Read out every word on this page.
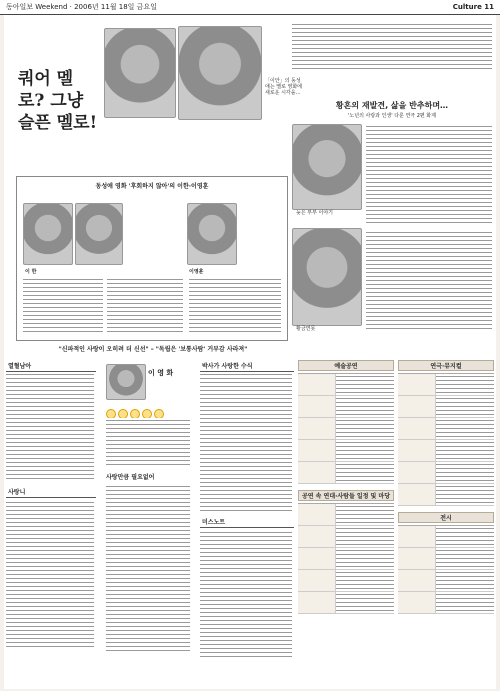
동아일보 Weekend · 2006년 11월 18일 금요일	Culture 11
쿼어 멜로? 그냥 슬픈 멜로!
「이안」의 동성애는 멜로 영화에 새로운 시각을…
동성애 영화 '후회하지 않아'의 이한·이영훈
이 한	이영훈
"신파적인 사랑이 오히려 더 신선" – "독립은 '보통사람' 거부감 사라져"
황혼의 재발견, 삶을 반추하며…
'노년의 사랑과 인생' 다룬 연극 2편 화제
늦은 부부 이야기
황금연못
열혈남아
사랑니
이 영 화
사랑만큼 필요없어
박사가 사랑한 수식
미스노트
예술공연
공연 속 연대·사람들 일정 및 마당
연극·뮤지컬
전시
